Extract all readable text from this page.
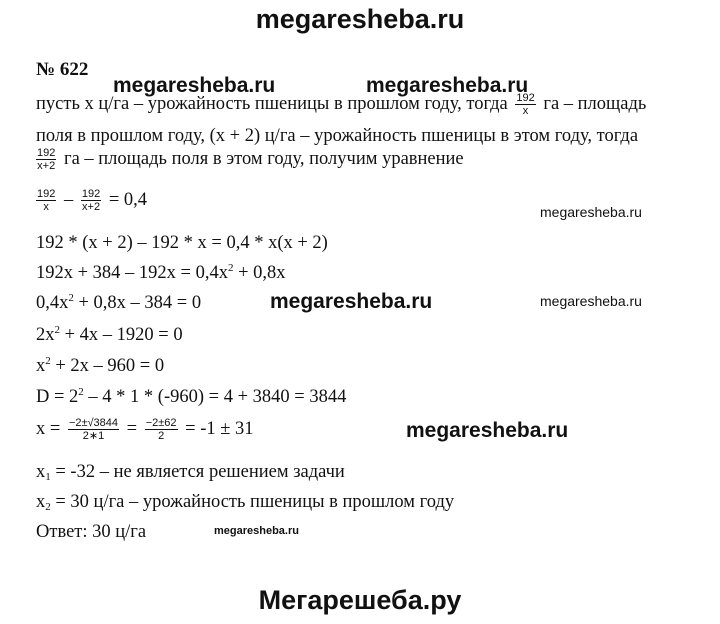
megaresheba.ru
№ 622
megaresheba.ru	megaresheba.ru
megaresheba.ru
megaresheba.ru	megaresheba.ru
megaresheba.ru
megaresheba.ru
пусть х ц/га – урожайность пшеницы в прошлом году, тогда $\frac{192}{x}$ га – площадь
поля в прошлом году, (х + 2) ц/га – урожайность пшеницы в этом году, тогда
$\frac{192}{x+2}$ га – площадь поля в этом году, получим уравнение
$\frac{192}{x} - \frac{192}{x+2} = 0,4$
192 * (х + 2) – 192 * х = 0,4 * х(х + 2)
$192x + 384 - 192x = 0,4x^2 + 0,8x$
$0,4x^2 + 0,8x - 384 = 0$
$2x^2 + 4x - 1920 = 0$
$x^2 + 2x - 960 = 0$
$D = 2^2 - 4 * 1 * (-960) = 4 + 3840 = 3844$
$x = \frac{-2\pm√3844}{2∗1} = \frac{-2\pm 62}{2} = -1 \pm 31$
$x_1 = -32$ – не является решением задачи
$x_2 = 30$ ц/га – урожайность пшеницы в прошлом году
Ответ: 30 ц/га
Мегарешеба.ру
